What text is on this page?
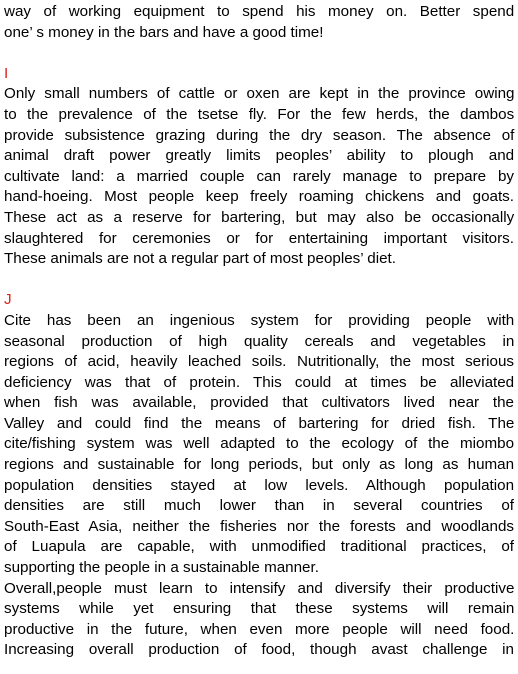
way of working equipment to spend his money on. Better spend
one’ s money in the bars and have a good time!
I
Only small numbers of cattle or oxen are kept in the province owing
to the prevalence of the tsetse fly. For the few herds, the dambos
provide subsistence grazing during the dry season. The absence of
animal draft power greatly limits peoples’ ability to plough and
cultivate land: a married couple can rarely manage to prepare by
hand-hoeing. Most people keep freely roaming chickens and goats.
These act as a reserve for bartering, but may also be occasionally
slaughtered for ceremonies or for entertaining important visitors.
These animals are not a regular part of most peoples’ diet.
J
Cite has been an ingenious system for providing people with
seasonal production of high quality cereals and vegetables in
regions of acid, heavily leached soils. Nutritionally, the most serious
deficiency was that of protein. This could at times be alleviated
when fish was available, provided that cultivators lived near the
Valley and could find the means of bartering for dried fish. The
cite/fishing system was well adapted to the ecology of the miombo
regions and sustainable for long periods, but only as long as human
population densities stayed at low levels. Although population
densities are still much lower than in several countries of
South-East Asia, neither the fisheries nor the forests and woodlands
of Luapula are capable, with unmodified traditional practices, of
supporting the people in a sustainable manner.
Overall,people must learn to intensify and diversify their productive
systems while yet ensuring that these systems will remain
productive in the future, when even more people will need food.
Increasing overall production of food, though avast challenge in
